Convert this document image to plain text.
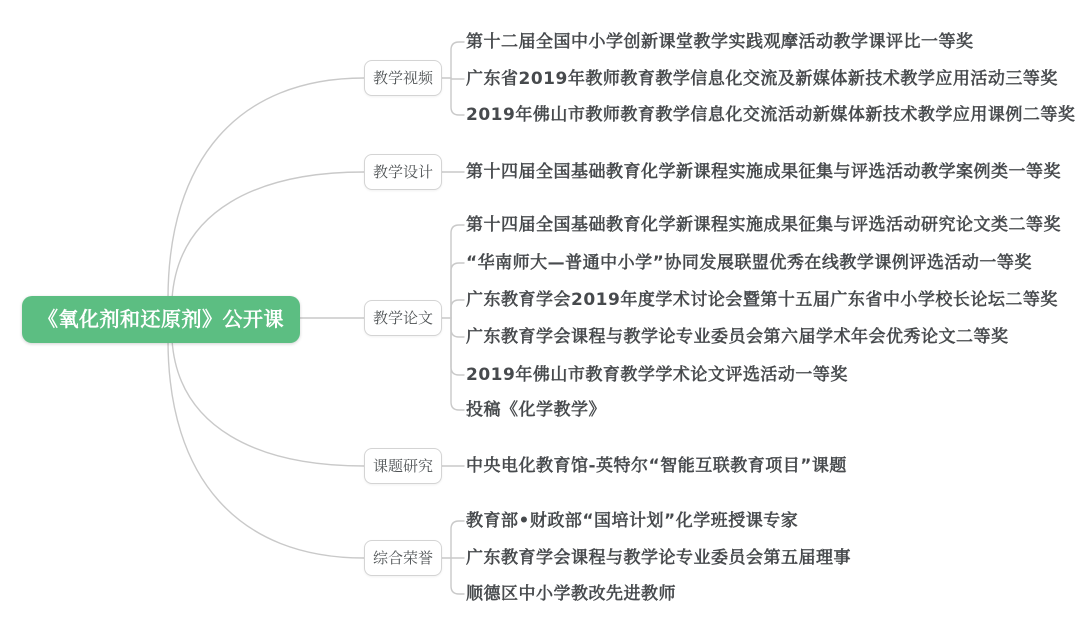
《氧化剂和还原剂》公开课
教学视频
教学设计
教学论文
课题研究
综合荣誉
第十二届全国中小学创新课堂教学实践观摩活动教学课评比一等奖
广东省2019年教师教育教学信息化交流及新媒体新技术教学应用活动三等奖
2019年佛山市教师教育教学信息化交流活动新媒体新技术教学应用课例二等奖
第十四届全国基础教育化学新课程实施成果征集与评选活动教学案例类一等奖
第十四届全国基础教育化学新课程实施成果征集与评选活动研究论文类二等奖
“华南师大—普通中小学”协同发展联盟优秀在线教学课例评选活动一等奖
广东教育学会2019年度学术讨论会暨第十五届广东省中小学校长论坛二等奖
广东教育学会课程与教学论专业委员会第六届学术年会优秀论文二等奖
2019年佛山市教育教学学术论文评选活动一等奖
投稿《化学教学》
中央电化教育馆-英特尔“智能互联教育项目”课题
教育部•财政部“国培计划”化学班授课专家
广东教育学会课程与教学论专业委员会第五届理事
顺德区中小学教改先进教师
